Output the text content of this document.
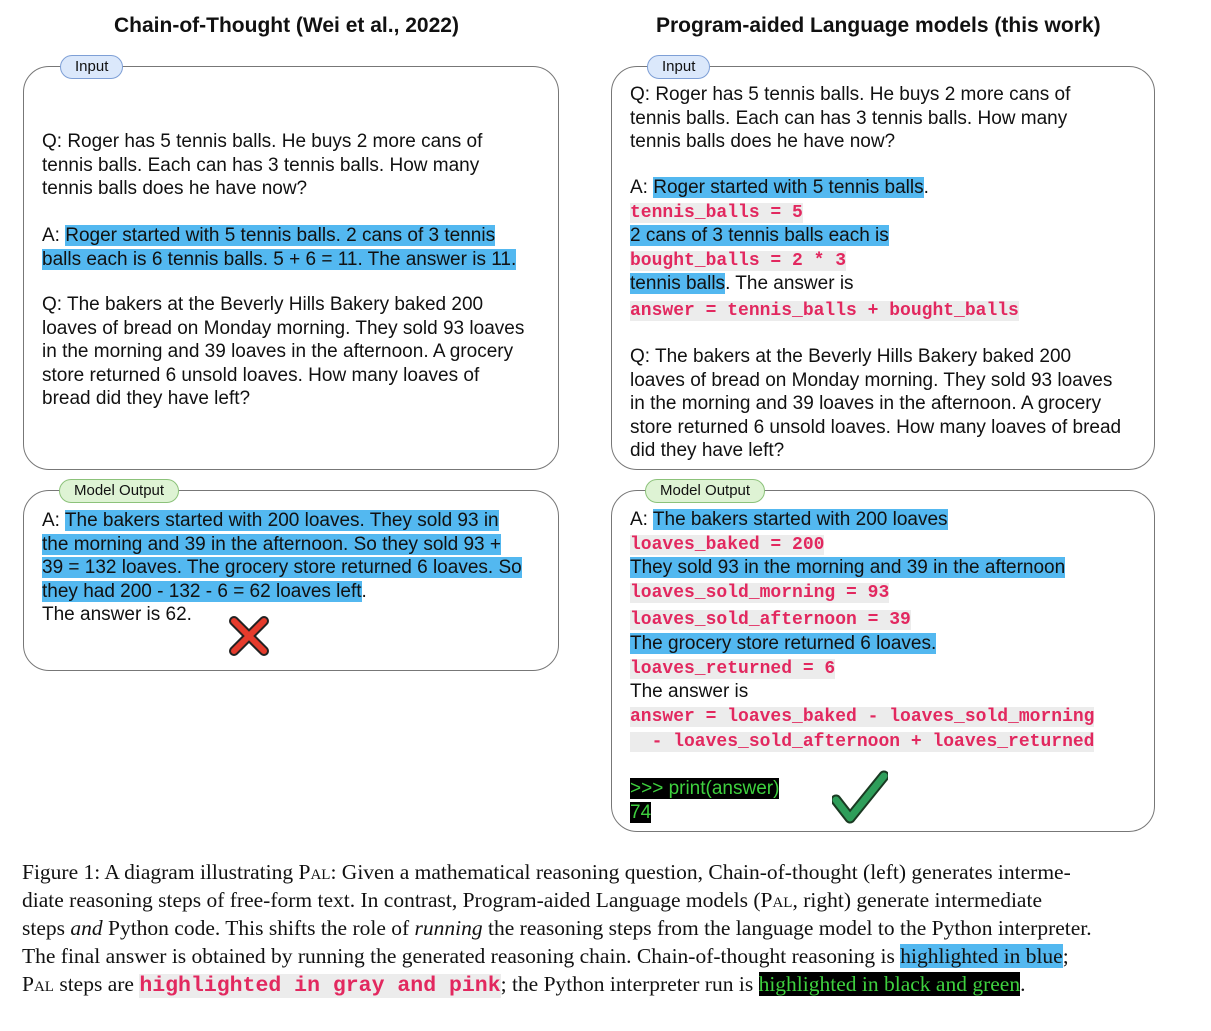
Chain-of-Thought (Wei et al., 2022)
Q: Roger has 5 tennis balls. He buys 2 more cans of
tennis balls. Each can has 3 tennis balls. How many
tennis balls does he have now?
A: Roger started with 5 tennis balls. 2 cans of 3 tennis
balls each is 6 tennis balls. 5 + 6 = 11. The answer is 11.
Q: The bakers at the Beverly Hills Bakery baked 200
loaves of bread on Monday morning. They sold 93 loaves
in the morning and 39 loaves in the afternoon. A grocery
store returned 6 unsold loaves. How many loaves of
bread did they have left?
Input
A: The bakers started with 200 loaves. They sold 93 in
the morning and 39 in the afternoon. So they sold 93 +
39 = 132 loaves. The grocery store returned 6 loaves. So
they had 200 - 132 - 6 = 62 loaves left.
The answer is 62.
Model Output
Program-aided Language models (this work)
Q: Roger has 5 tennis balls. He buys 2 more cans of
tennis balls. Each can has 3 tennis balls. How many
tennis balls does he have now?
A: Roger started with 5 tennis balls.
tennis_balls = 5
2 cans of 3 tennis balls each is
bought_balls = 2 * 3
tennis balls. The answer is
answer = tennis_balls + bought_balls
Q: The bakers at the Beverly Hills Bakery baked 200
loaves of bread on Monday morning. They sold 93 loaves
in the morning and 39 loaves in the afternoon. A grocery
store returned 6 unsold loaves. How many loaves of bread
did they have left?
Input
A: The bakers started with 200 loaves
loaves_baked = 200
They sold 93 in the morning and 39 in the afternoon
loaves_sold_morning = 93
loaves_sold_afternoon = 39
The grocery store returned 6 loaves.
loaves_returned = 6
The answer is
answer = loaves_baked - loaves_sold_morning
- loaves_sold_afternoon + loaves_returned
>>> print(answer)
74
Model Output
Figure 1: A diagram illustrating Pal: Given a mathematical reasoning question, Chain-of-thought (left) generates interme-
diate reasoning steps of free-form text. In contrast, Program-aided Language models (Pal, right) generate intermediate
steps and Python code. This shifts the role of running the reasoning steps from the language model to the Python interpreter.
The final answer is obtained by running the generated reasoning chain. Chain-of-thought reasoning is highlighted in blue;
Pal steps are highlighted in gray and pink; the Python interpreter run is highlighted in black and green.
